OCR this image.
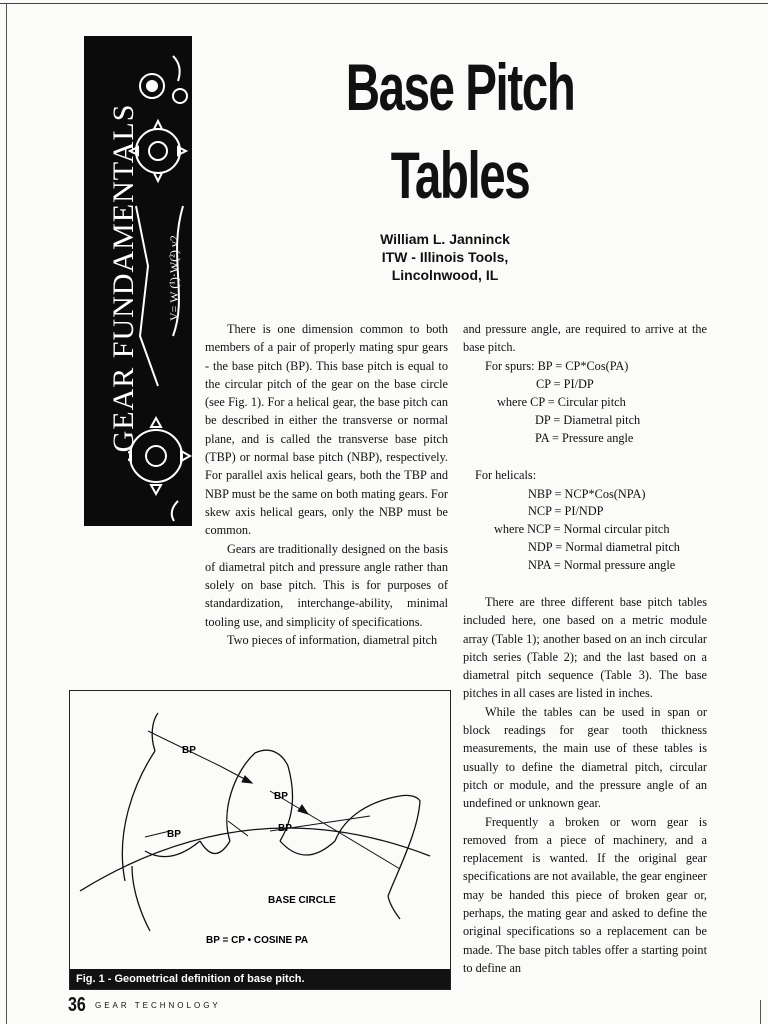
GEAR FUNDAMENTALS V= W (¹)·W(²) v2
Base Pitch
Tables
William L. Janninck
ITW - Illinois Tools,
Lincolnwood, IL

There is one dimension common to both members of a pair of properly mating spur gears - the base pitch (BP). This base pitch is equal to the circular pitch of the gear on the base circle (see Fig. 1). For a helical gear, the base pitch can be described in either the transverse or normal plane, and is called the transverse base pitch (TBP) or normal base pitch (NBP), respectively. For parallel axis helical gears, both the TBP and NBP must be the same on both mating gears. For skew axis helical gears, only the NBP must be common.

Gears are traditionally designed on the basis of diametral pitch and pressure angle rather than solely on base pitch. This is for purposes of standardization, interchange-ability, minimal tooling use, and simplicity of specifications.

Two pieces of information, diametral pitch

and pressure angle, are required to arrive at the base pitch.

For spurs: BP = CP*Cos(PA)
CP = PI/DP
where CP = Circular pitch
DP = Diametral pitch
PA = Pressure angle
For helicals:
NBP = NCP*Cos(NPA)
NCP = PI/NDP
where NCP = Normal circular pitch
NDP = Normal diametral pitch
NPA = Normal pressure angle

There are three different base pitch tables included here, one based on a metric module array (Table 1); another based on an inch circular pitch series (Table 2); and the last based on a diametral pitch sequence (Table 3). The base pitches in all cases are listed in inches.

While the tables can be used in span or block readings for gear tooth thickness measurements, the main use of these tables is usually to define the diametral pitch, circular pitch or module, and the pressure angle of an undefined or unknown gear.

Frequently a broken or worn gear is removed from a piece of machinery, and a replacement is wanted. If the original gear specifications are not available, the gear engineer may be handed this piece of broken gear or, perhaps, the mating gear and asked to define the original specifications so a replacement can be made. The base pitch tables offer a starting point to define an

BP
BP
BP
BP
BASE CIRCLE
BP = CP • COSINE PA
Fig. 1 - Geometrical definition of base pitch.
36 GEAR TECHNOLOGY
